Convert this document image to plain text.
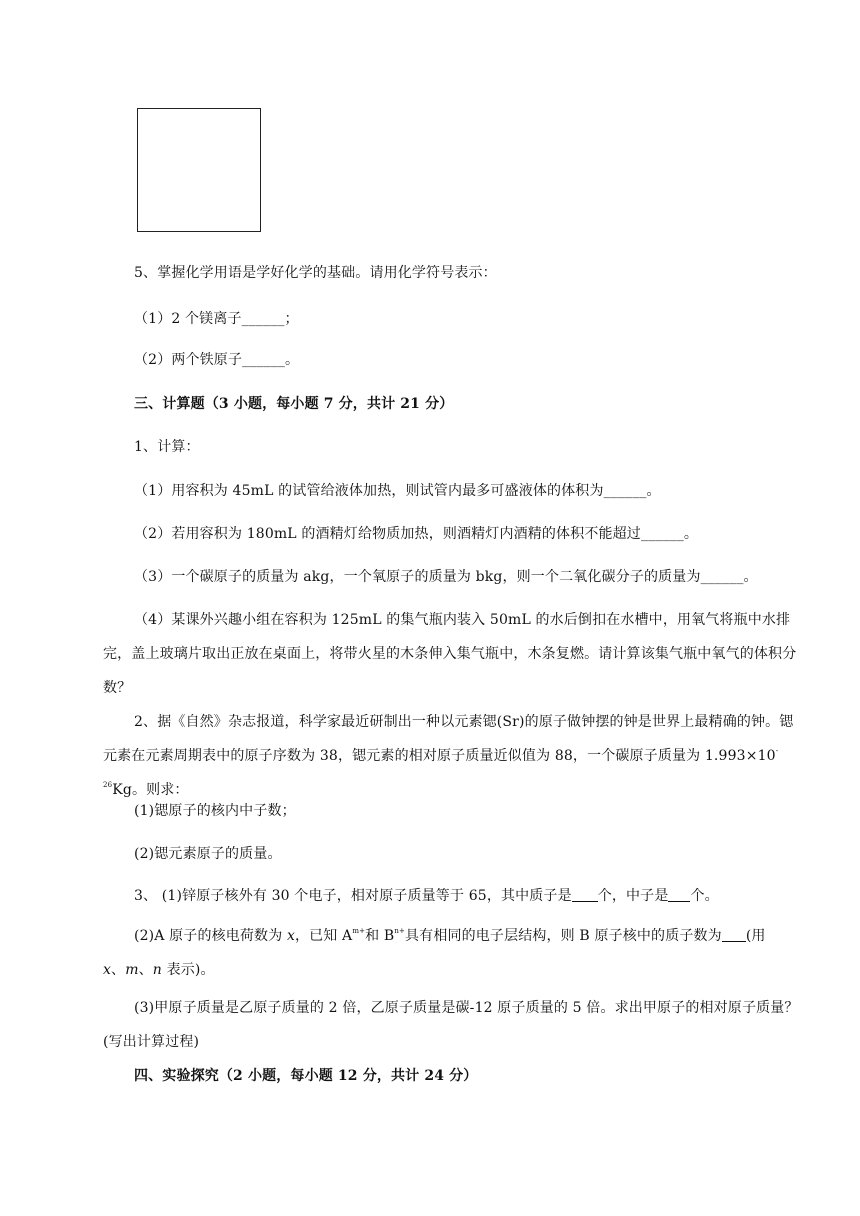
5、掌握化学用语是学好化学的基础。请用化学符号表示：
（1）2 个镁离子______；
（2）两个铁原子______。
三、计算题（3 小题，每小题 7 分，共计 21 分）
1、计算：
（1）用容积为 45mL 的试管给液体加热，则试管内最多可盛液体的体积为______。
（2）若用容积为 180mL 的酒精灯给物质加热，则酒精灯内酒精的体积不能超过______。
（3）一个碳原子的质量为 akg，一个氧原子的质量为 bkg，则一个二氧化碳分子的质量为______。
（4）某课外兴趣小组在容积为 125mL 的集气瓶内装入 50mL 的水后倒扣在水槽中，用氧气将瓶中水排完，盖上玻璃片取出正放在桌面上，将带火星的木条伸入集气瓶中，木条复燃。请计算该集气瓶中氧气的体积分数？
2、据《自然》杂志报道，科学家最近研制出一种以元素锶(Sr)的原子做钟摆的钟是世界上最精确的钟。锶元素在元素周期表中的原子序数为 38，锶元素的相对原子质量近似值为 88，一个碳原子质量为 $1.993\times 10^{-26}Kg$。则求：
(1)锶原子的核内中子数；
(2)锶元素原子的质量。
3、 (1)锌原子核外有 30 个电子，相对原子质量等于 65，其中质子是 个，中子是 个。
(2)A 原子的核电荷数为 x，已知 $A^{m+}$和 $B^{n+}$具有相同的电子层结构，则 B 原子核中的质子数为 (用
x、m、n 表示)。
(3)甲原子质量是乙原子质量的 2 倍，乙原子质量是碳-12 原子质量的 5 倍。求出甲原子的相对原子质量？(写出计算过程)
四、实验探究（2 小题，每小题 12 分，共计 24 分）
